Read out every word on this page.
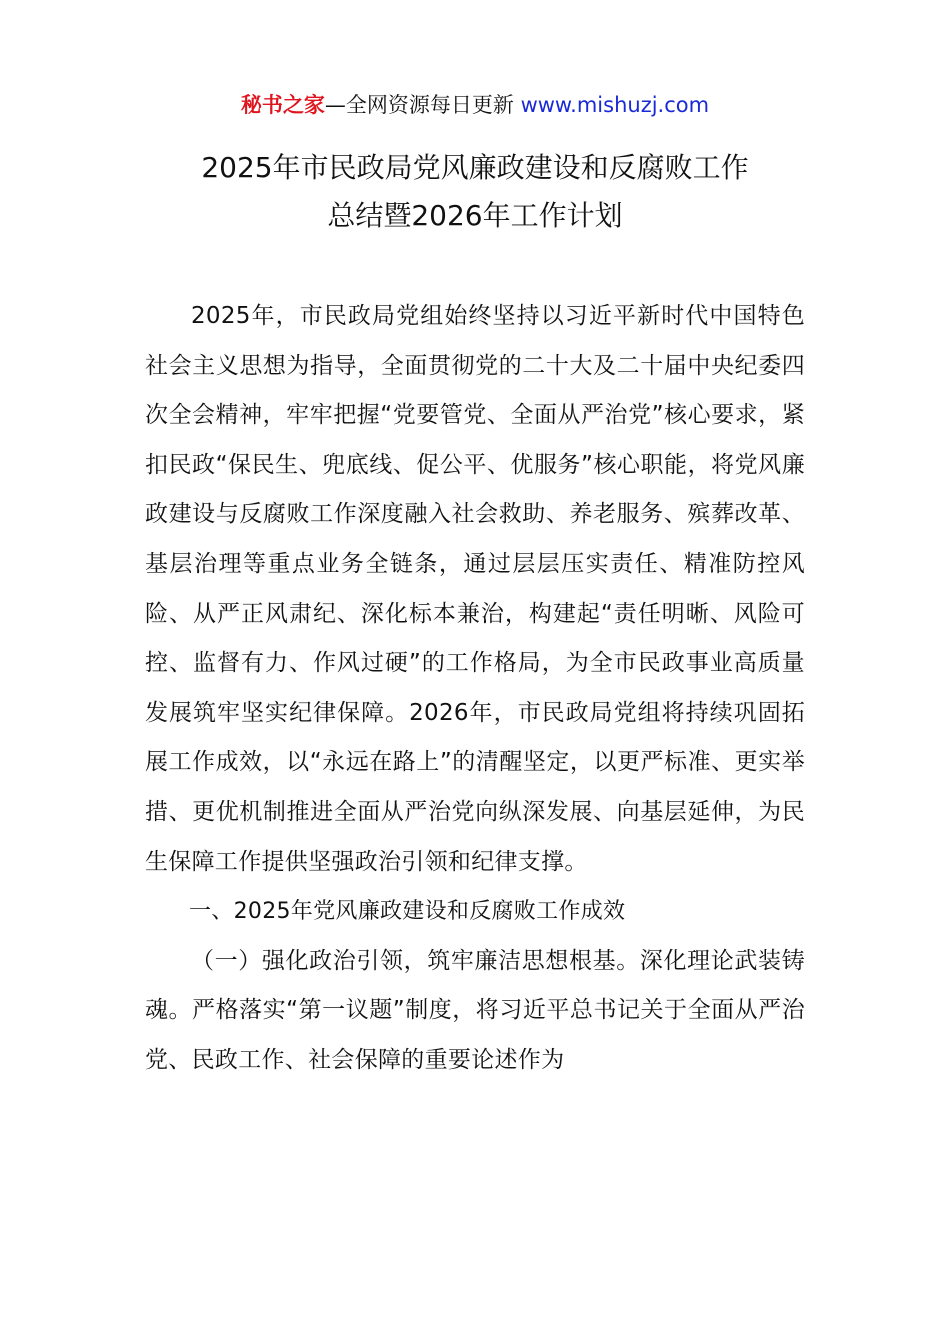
秘书之家—全网资源每日更新 www.mishuzj.com
2025年市民政局党风廉政建设和反腐败工作
总结暨2026年工作计划

2025年，市民政局党组始终坚持以习近平新时代中国特色社会主义思想为指导，全面贯彻党的二十大及二十届中央纪委四次全会精神，牢牢把握“党要管党、全面从严治党”核心要求，紧扣民政“保民生、兜底线、促公平、优服务”核心职能，将党风廉政建设与反腐败工作深度融入社会救助、养老服务、殡葬改革、基层治理等重点业务全链条，通过层层压实责任、精准防控风险、从严正风肃纪、深化标本兼治，构建起“责任明晰、风险可控、监督有力、作风过硬”的工作格局，为全市民政事业高质量发展筑牢坚实纪律保障。2026年，市民政局党组将持续巩固拓展工作成效，以“永远在路上”的清醒坚定，以更严标准、更实举措、更优机制推进全面从严治党向纵深发展、向基层延伸，为民生保障工作提供坚强政治引领和纪律支撑。

一、2025年党风廉政建设和反腐败工作成效

（一）强化政治引领，筑牢廉洁思想根基。深化理论武装铸魂。严格落实“第一议题”制度，将习近平总书记关于全面从严治党、民政工作、社会保障的重要论述作为
